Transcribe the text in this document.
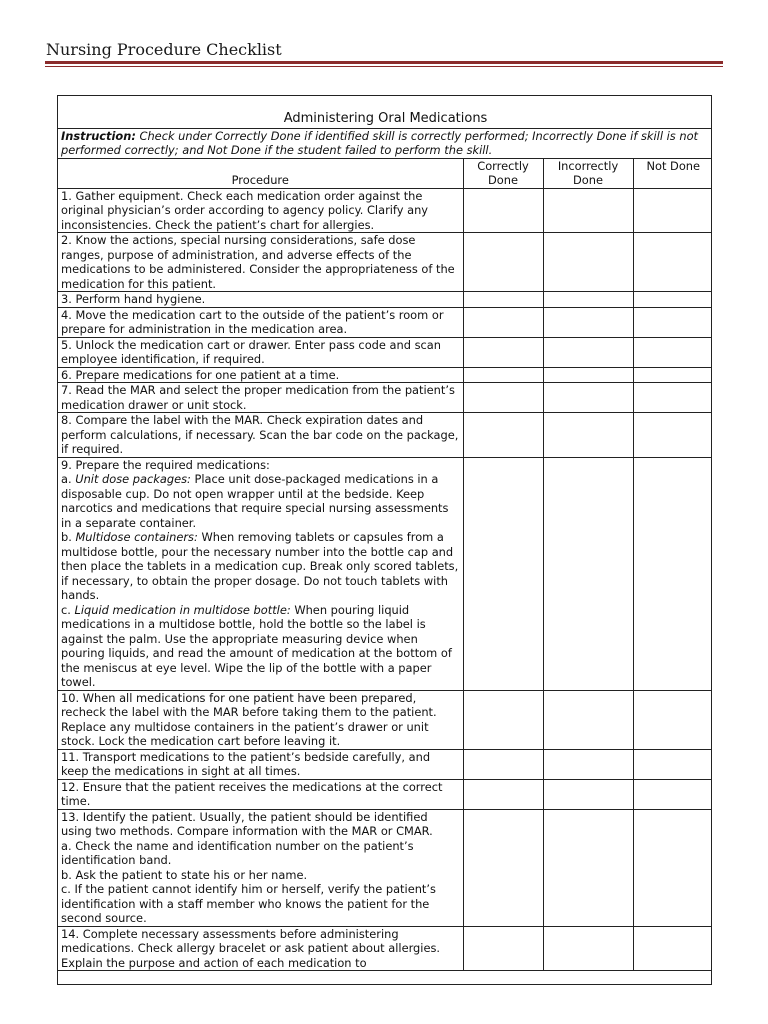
Nursing Procedure Checklist
Administering Oral Medications			
Instruction: Check under Correctly Done if identified skill is correctly performed; Incorrectly Done if skill is not performed correctly; and Not Done if the student failed to perform the skill.			
Procedure	Correctly Done	Incorrectly Done	Not Done

1. Gather equipment. Check each medication order against the original physician’s order according to agency policy. Clarify any inconsistencies. Check the patient’s chart for allergies.			

2. Know the actions, special nursing considerations, safe dose ranges, purpose of administration, and adverse effects of the medications to be administered. Consider the appropriateness of the medication for this patient.			

3. Perform hand hygiene.			

4. Move the medication cart to the outside of the patient’s room or prepare for administration in the medication area.			

5. Unlock the medication cart or drawer. Enter pass code and scan employee identification, if required.			

6. Prepare medications for one patient at a time.			

7. Read the MAR and select the proper medication from the patient’s medication drawer or unit stock.			

8. Compare the label with the MAR. Check expiration dates and perform calculations, if necessary. Scan the bar code on the package, if required.			

9. Prepare the required medications:
a. Unit dose packages: Place unit dose-packaged medications in a disposable cup. Do not open wrapper until at the bedside. Keep narcotics and medications that require special nursing assessments in a separate container.
b. Multidose containers: When removing tablets or capsules from a multidose bottle, pour the necessary number into the bottle cap and then place the tablets in a medication cup. Break only scored tablets, if necessary, to obtain the proper dosage. Do not touch tablets with hands.
c. Liquid medication in multidose bottle: When pouring liquid medications in a multidose bottle, hold the bottle so the label is against the palm. Use the appropriate measuring device when pouring liquids, and read the amount of medication at the bottom of the meniscus at eye level. Wipe the lip of the bottle with a paper towel.			

10. When all medications for one patient have been prepared, recheck the label with the MAR before taking them to the patient. Replace any multidose containers in the patient’s drawer or unit stock. Lock the medication cart before leaving it.			

11. Transport medications to the patient’s bedside carefully, and keep the medications in sight at all times.			

12. Ensure that the patient receives the medications at the correct time.			

13. Identify the patient. Usually, the patient should be identified using two methods. Compare information with the MAR or CMAR.
a. Check the name and identification number on the patient’s identification band.
b. Ask the patient to state his or her name.
c. If the patient cannot identify him or herself, verify the patient’s identification with a staff member who knows the patient for the second source.			

14. Complete necessary assessments before administering medications. Check allergy bracelet or ask patient about allergies. Explain the purpose and action of each medication to			
